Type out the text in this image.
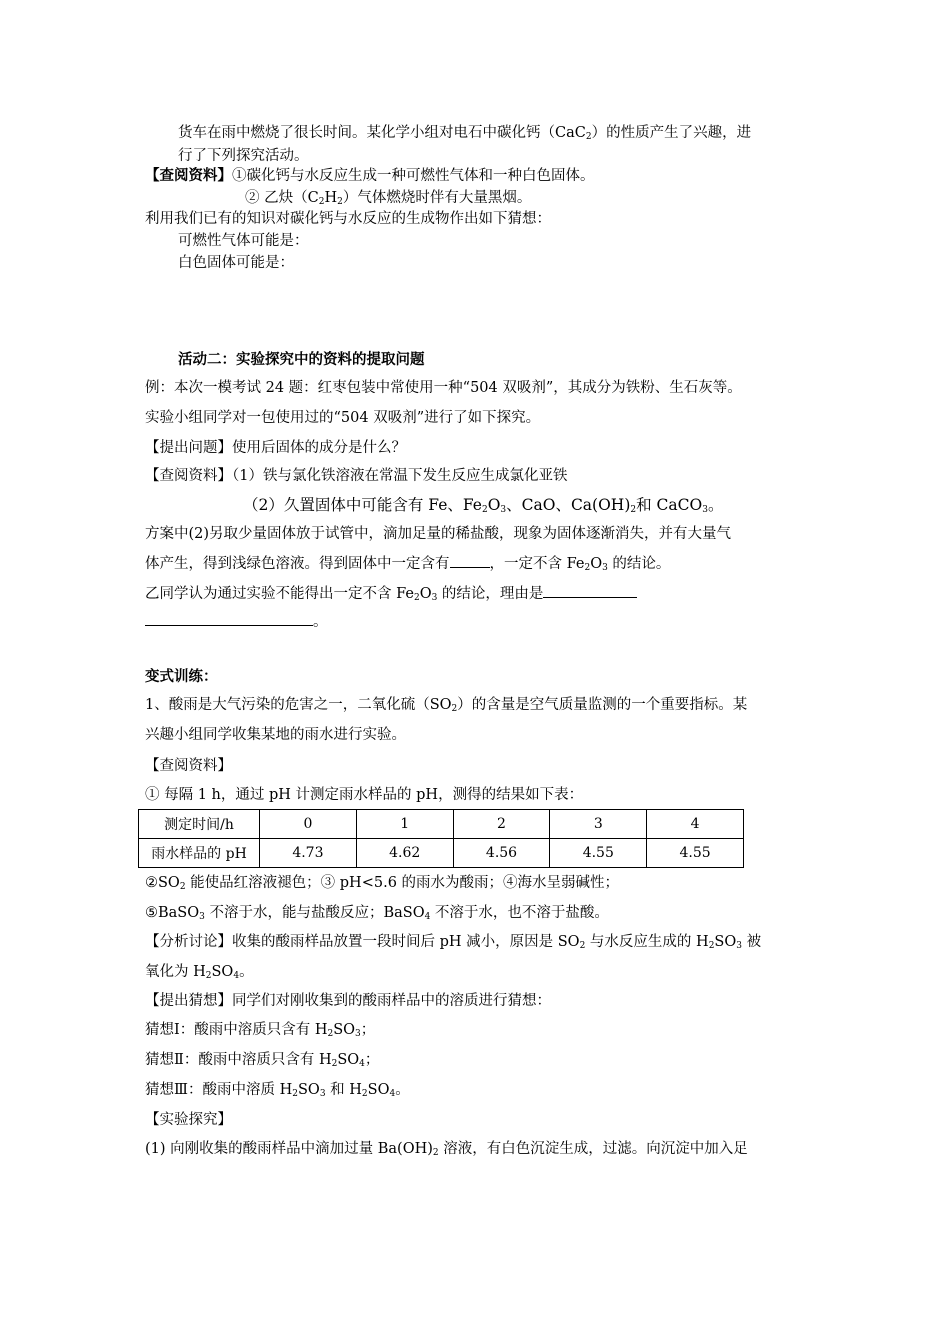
货车在雨中燃烧了很长时间。某化学小组对电石中碳化钙（CaC$_2$）的性质产生了兴趣，进
行了下列探究活动。
【查阅资料】①碳化钙与水反应生成一种可燃性气体和一种白色固体。
② 乙炔$(C_2H_2)$气体燃烧时伴有大量黑烟。
利用我们已有的知识对碳化钙与水反应的生成物作出如下猜想：
可燃性气体可能是：
白色固体可能是：
活动二：实验探究中的资料的提取问题
例：本次一模考试 24 题：红枣包装中常使用一种“504 双吸剂”，其成分为铁粉、生石灰等。
实验小组同学对一包使用过的“504 双吸剂”进行了如下探究。
【提出问题】使用后固体的成分是什么？
【查阅资料】（1）铁与氯化铁溶液在常温下发生反应生成氯化亚铁
（2）久置固体中可能含有 Fe、$Fe_2O_3$、CaO、$Ca(OH)_2$和 CaCO$_3$。
方案中(2)另取少量固体放于试管中，滴加足量的稀盐酸，现象为固体逐渐消失，并有大量气
体产生，得到浅绿色溶液。得到固体中一定含有	，一定不含 $Fe_2O_3$ 的结论。
乙同学认为通过实验不能得出一定不含 $Fe_2O_3$ 的结论，理由是
。
变式训练：
1、酸雨是大气污染的危害之一，二氧化硫$(SO_2)$的含量是空气质量监测的一个重要指标。某
兴趣小组同学收集某地的雨水进行实验。
【查阅资料】
① 每隔 1 h，通过 pH 计测定雨水样品的 pH，测得的结果如下表：
测定时间/h	0	1	2	3	4
雨水样品的 pH	4.73	4.62	4.56	4.55	4.55
$②SO_2$ 能使品红溶液褪色；③ pH<5.6 的雨水为酸雨；④海水呈弱碱性；
⑤BaSO$_3$ 不溶于水，能与盐酸反应；BaSO$_4$ 不溶于水，也不溶于盐酸。
【分析讨论】收集的酸雨样品放置一段时间后 pH 减小，原因是 $SO_2$ 与水反应生成的 $H_2SO_3$ 被
氧化为 $H_2SO_4$。
【提出猜想】同学们对刚收集到的酸雨样品中的溶质进行猜想：
猜想Ⅰ：酸雨中溶质只含有 $H_2SO_3$；
猜想Ⅱ：酸雨中溶质只含有 $H_2SO_4$；
猜想Ⅲ：酸雨中溶质 $H_2SO_3$ 和 $H_2SO_4$。
【实验探究】
(1) 向刚收集的酸雨样品中滴加过量 $Ba(OH)_2$ 溶液，有白色沉淀生成，过滤。向沉淀中加入足
